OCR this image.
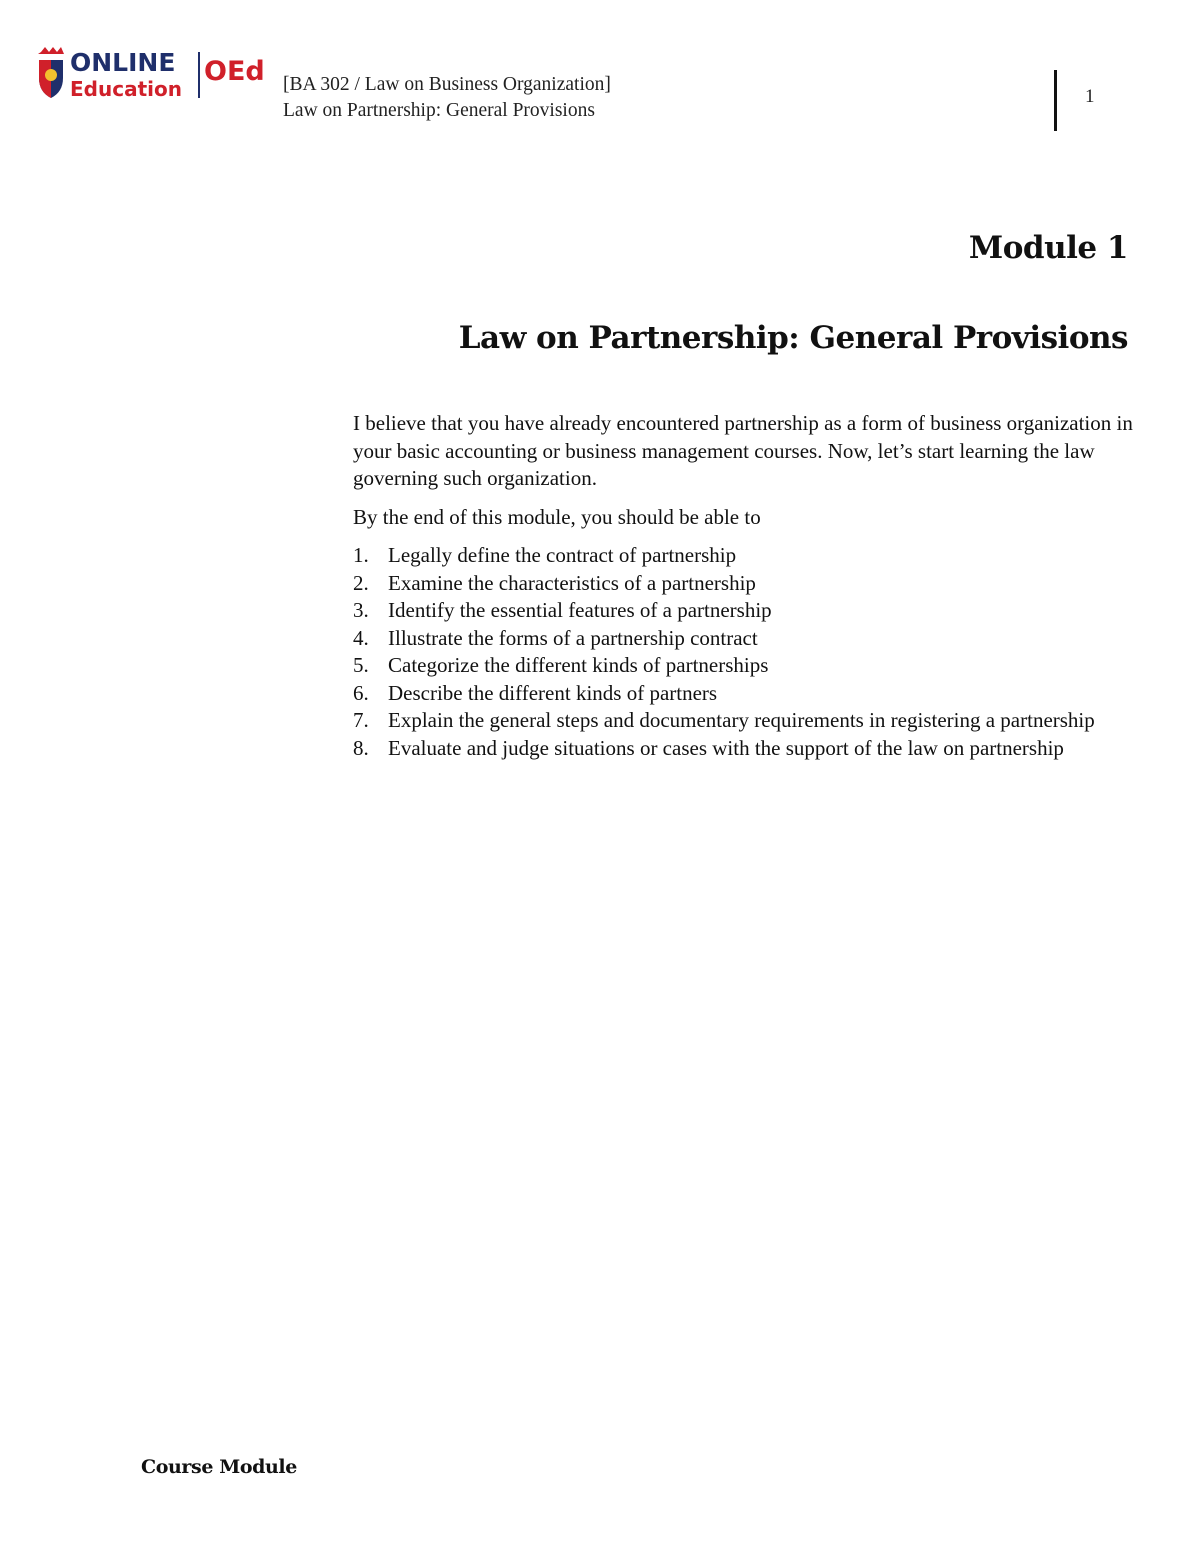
ONLINE
Education
OEd [BA 302 / Law on Business Organization]
Law on Partnership: General Provisions
1
Module 1
Law on Partnership: General Provisions

I believe that you have already encountered partnership as a form of business organization in your basic accounting or business management courses. Now, let’s start learning the law governing such organization.

By the end of this module, you should be able to

1. Legally define the contract of partnership
2. Examine the characteristics of a partnership
3. Identify the essential features of a partnership
4. Illustrate the forms of a partnership contract
5. Categorize the different kinds of partnerships
6. Describe the different kinds of partners
7. Explain the general steps and documentary requirements in registering a partnership
8. Evaluate and judge situations or cases with the support of the law on partnership
Course Module
